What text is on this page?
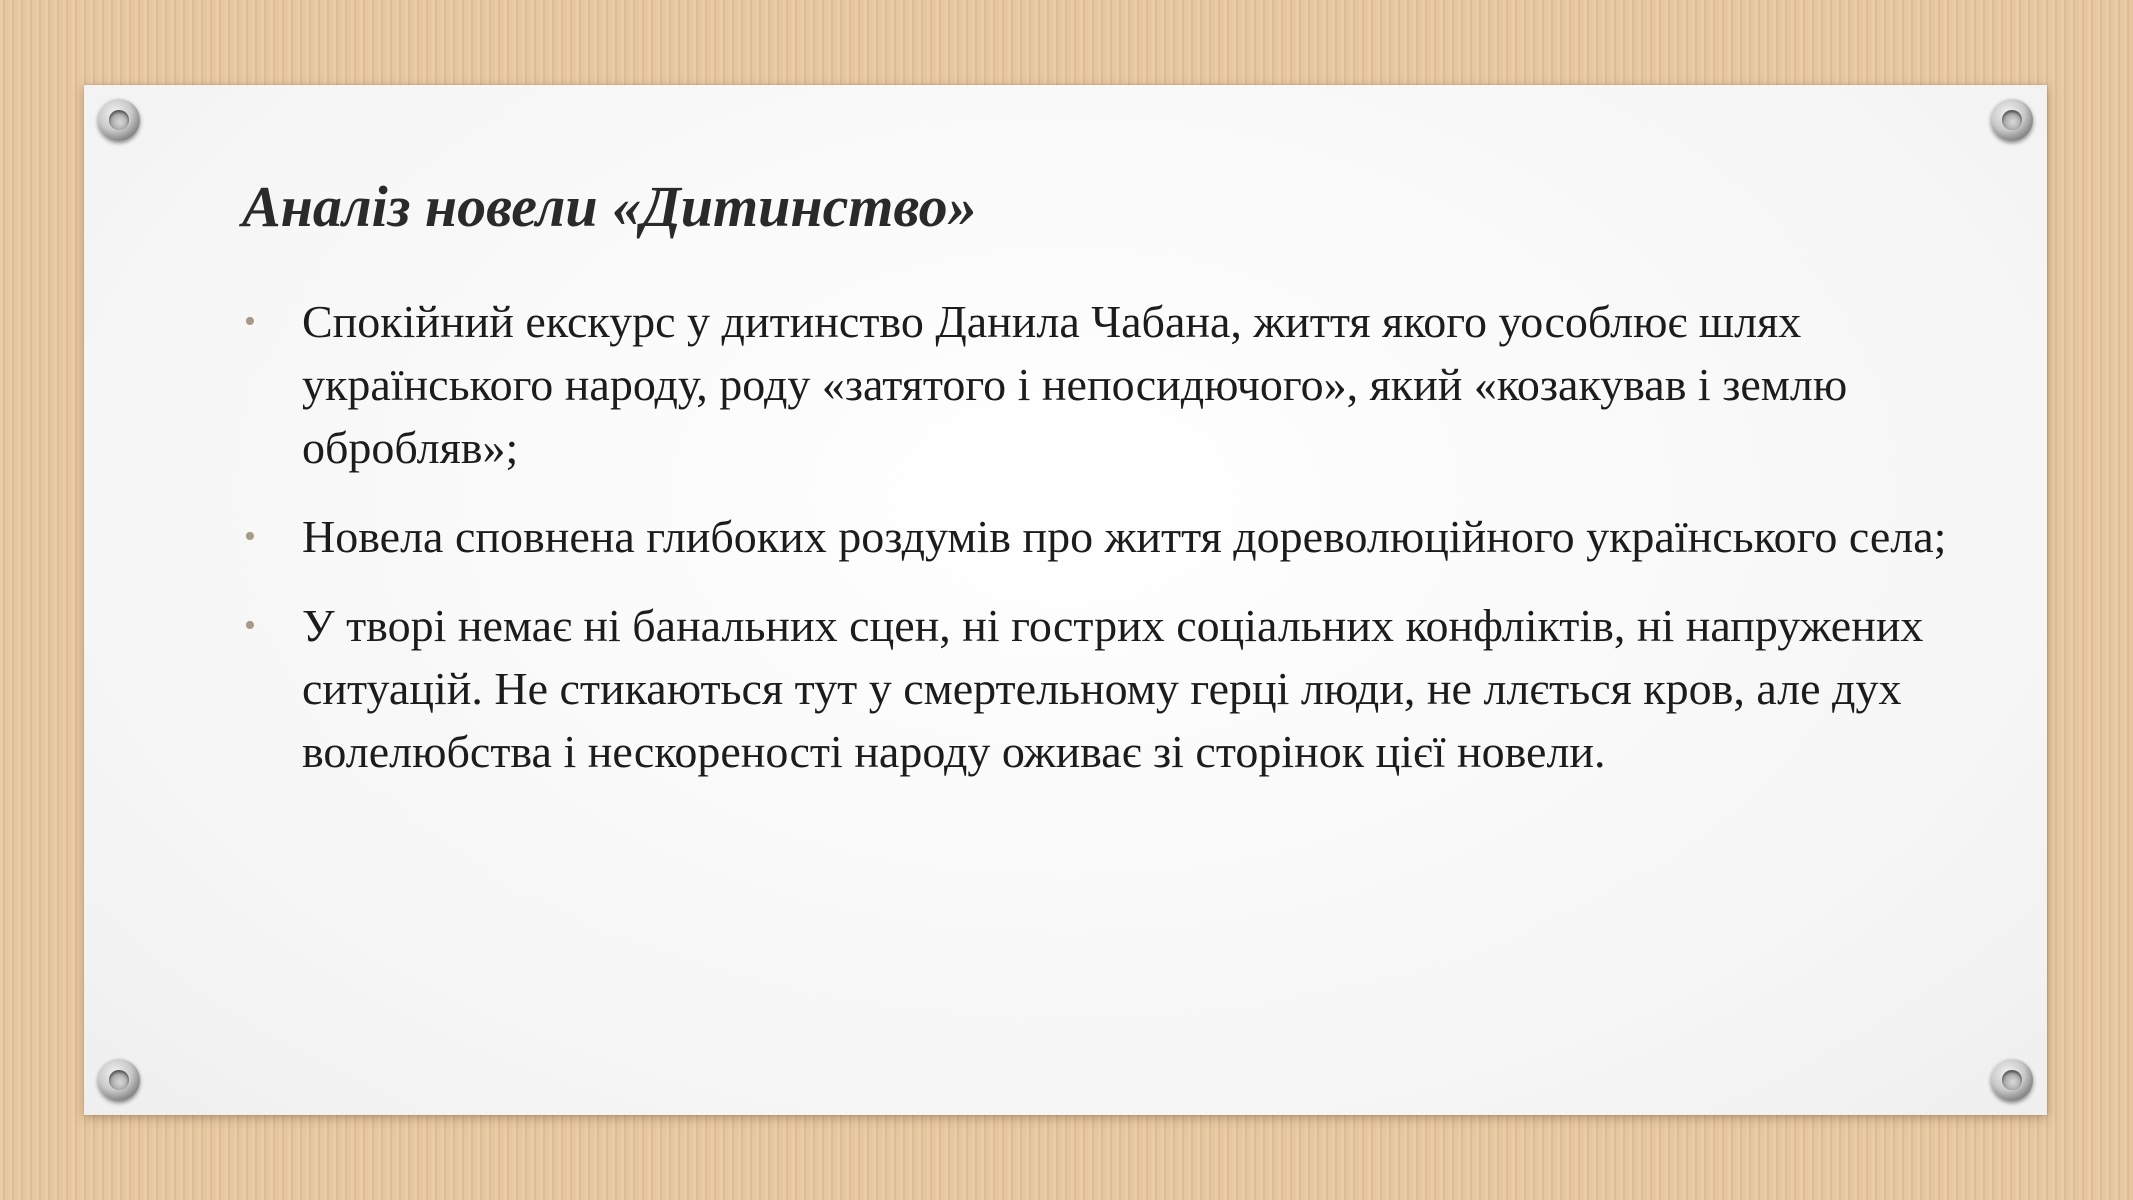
Аналіз новели «Дитинство»
• Спокійний екскурс у дитинство Данила Чабана, життя якого уособлює шлях українського народу, роду «затятого і непосидючого», який «козакував і землю обробляв»;
• Новела сповнена глибоких роздумів про життя дореволюційного українського села;
• У творі немає ні банальних сцен, ні гострих соціальних конфліктів, ні напружених ситуацій. Не стикаються тут у смертельному герці люди, не ллється кров, але дух волелюбства і нескореності народу оживає зі сторінок цієї новели.
